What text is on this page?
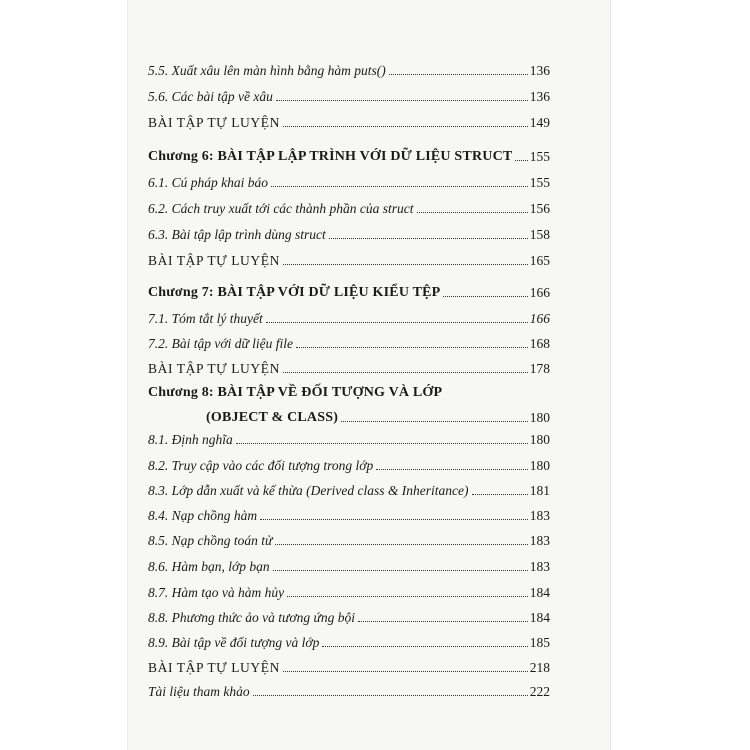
5.5. Xuất xâu lên màn hình bằng hàm puts()	136
5.6. Các bài tập về xâu	136
BÀI TẬP TỰ LUYỆN	149
Chương 6: BÀI TẬP LẬP TRÌNH VỚI DỮ LIỆU STRUCT 155
6.1. Cú pháp khai báo	155
6.2. Cách truy xuất tới các thành phần của struct	156
6.3. Bài tập lập trình dùng struct	158
BÀI TẬP TỰ LUYỆN	165
Chương 7: BÀI TẬP VỚI DỮ LIỆU KIỂU TỆP	166
7.1. Tóm tắt lý thuyết	166
7.2. Bài tập với dữ liệu file	168
BÀI TẬP TỰ LUYỆN	178
Chương 8: BÀI TẬP VỀ ĐỐI TƯỢNG VÀ LỚP
(OBJECT & CLASS)	180
8.1. Định nghĩa	180
8.2. Truy cập vào các đối tượng trong lớp	180
8.3. Lớp dẫn xuất và kế thừa (Derived class & Inheritance)	181
8.4. Nạp chồng hàm	183
8.5. Nạp chồng toán tử	183
8.6. Hàm bạn, lớp bạn	183
8.7. Hàm tạo và hàm hủy	184
8.8. Phương thức ảo và tương ứng bội	184
8.9. Bài tập về đối tượng và lớp	185
BÀI TẬP TỰ LUYỆN	218
Tài liệu tham khảo	222
